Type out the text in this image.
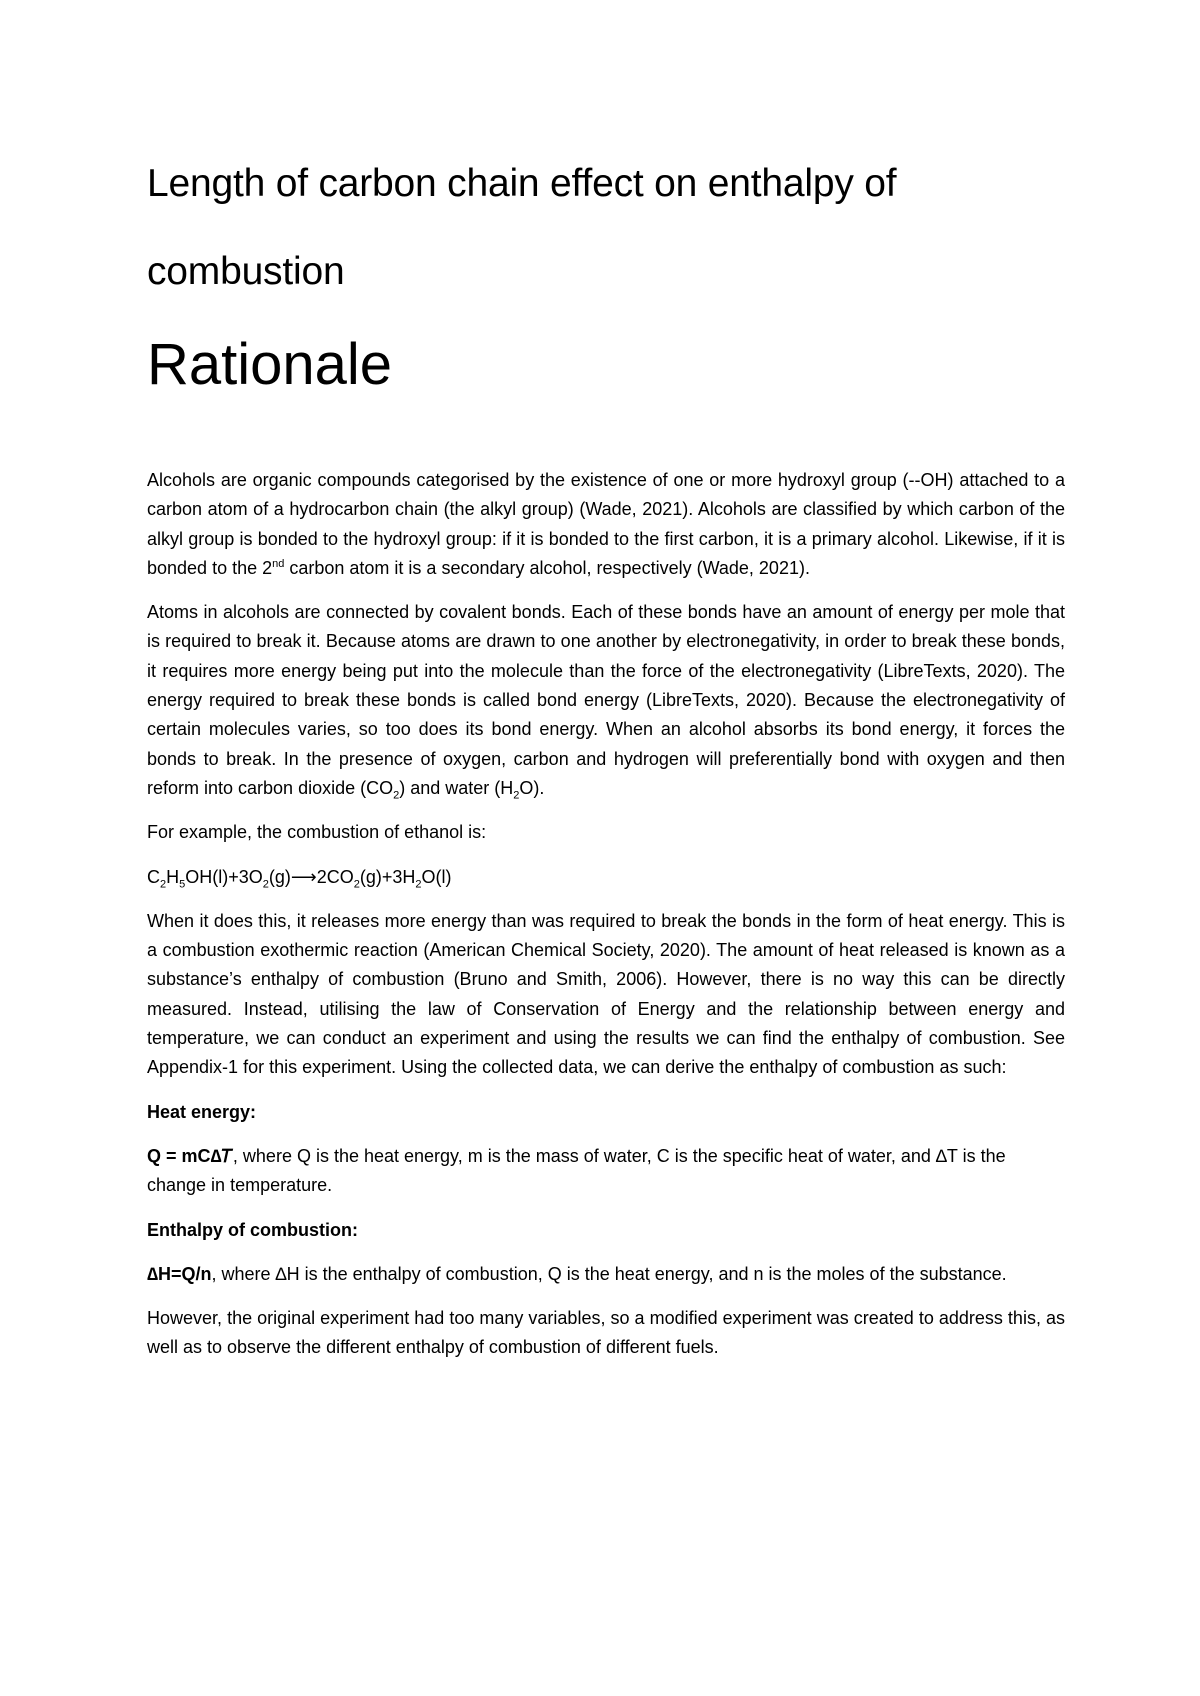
Length of carbon chain effect on enthalpy of combustion
Rationale

Alcohols are organic compounds categorised by the existence of one or more hydroxyl group (--OH) attached to a carbon atom of a hydrocarbon chain (the alkyl group) (Wade, 2021). Alcohols are classified by which carbon of the alkyl group is bonded to the hydroxyl group: if it is bonded to the first carbon, it is a primary alcohol. Likewise, if it is bonded to the 2nd carbon atom it is a secondary alcohol, respectively (Wade, 2021).

Atoms in alcohols are connected by covalent bonds. Each of these bonds have an amount of energy per mole that is required to break it. Because atoms are drawn to one another by electronegativity, in order to break these bonds, it requires more energy being put into the molecule than the force of the electronegativity (LibreTexts, 2020). The energy required to break these bonds is called bond energy (LibreTexts, 2020). Because the electronegativity of certain molecules varies, so too does its bond energy. When an alcohol absorbs its bond energy, it forces the bonds to break. In the presence of oxygen, carbon and hydrogen will preferentially bond with oxygen and then reform into carbon dioxide $(CO_2)$ and water $(H_2O)$.

For example, the combustion of ethanol is:

$C_2H_5OH(l)+3O_2(g)⟶2CO_2(g)+3H_2O(l)$

When it does this, it releases more energy than was required to break the bonds in the form of heat energy. This is a combustion exothermic reaction (American Chemical Society, 2020). The amount of heat released is known as a substance’s enthalpy of combustion (Bruno and Smith, 2006). However, there is no way this can be directly measured. Instead, utilising the law of Conservation of Energy and the relationship between energy and temperature, we can conduct an experiment and using the results we can find the enthalpy of combustion. See Appendix-1 for this experiment. Using the collected data, we can derive the enthalpy of combustion as such:

Heat energy:

Q = mC∆𝑇, where Q is the heat energy, m is the mass of water, C is the specific heat of water, and ∆T is the change in temperature.

Enthalpy of combustion:

∆H=Q/n, where ∆H is the enthalpy of combustion, Q is the heat energy, and n is the moles of the substance.

However, the original experiment had too many variables, so a modified experiment was created to address this, as well as to observe the different enthalpy of combustion of different fuels.
